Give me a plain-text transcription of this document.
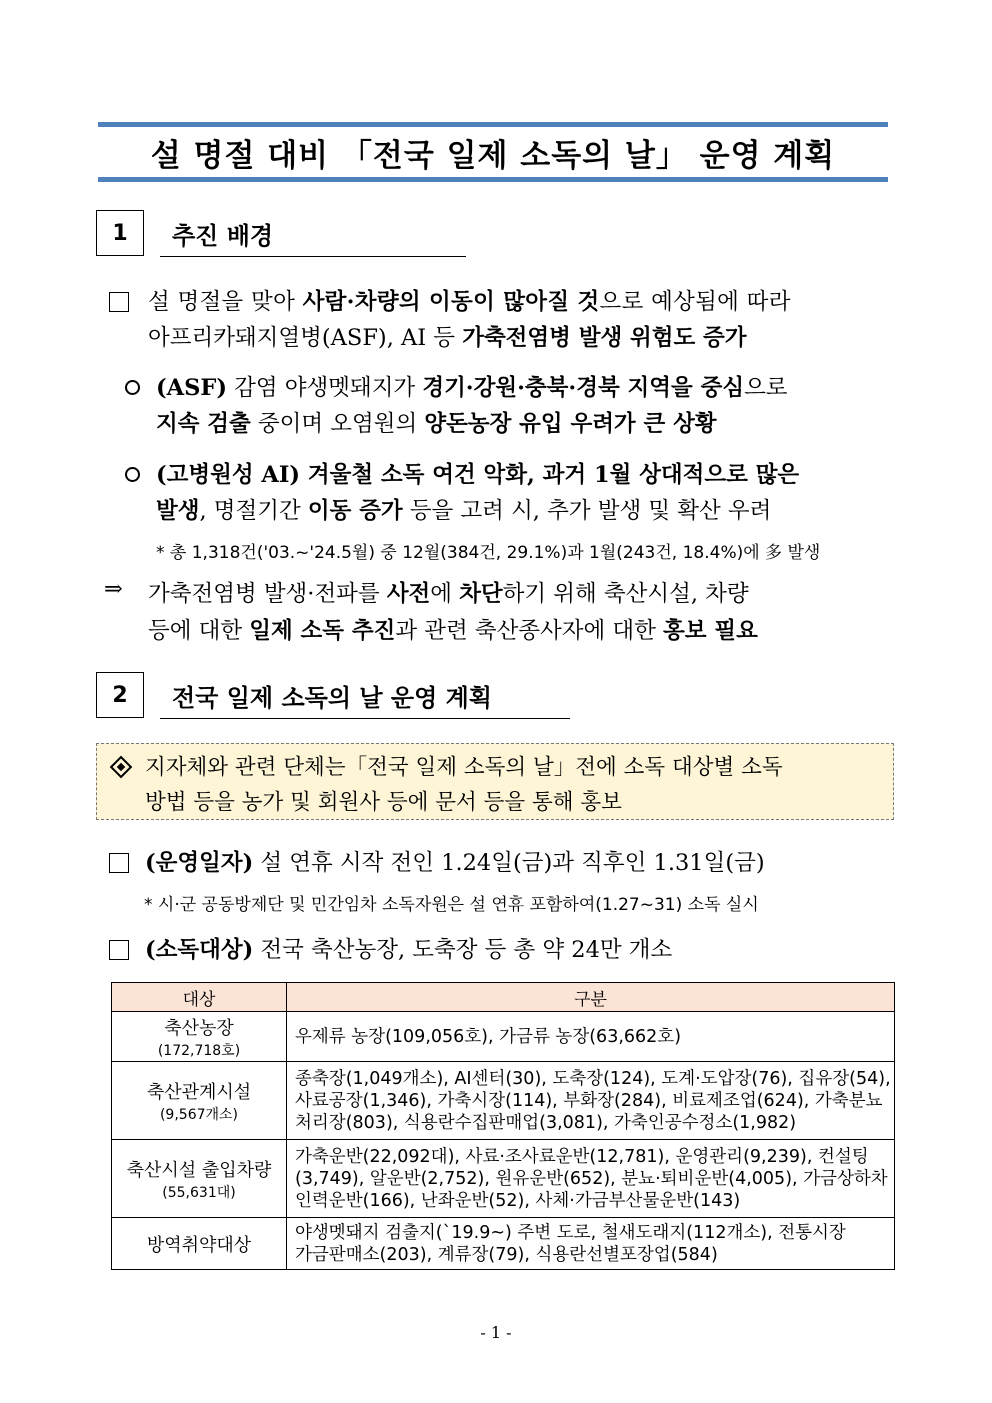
설 명절 대비 「전국 일제 소독의 날」 운영 계획
1	추진 배경
설 명절을 맞아 사람·차량의 이동이 많아질 것으로 예상됨에 따라
아프리카돼지열병(ASF), AI 등 가축전염병 발생 위험도 증가
(ASF) 감염 야생멧돼지가 경기·강원·충북·경북 지역을 중심으로
지속 검출 중이며 오염원의 양돈농장 유입 우려가 큰 상황
(고병원성 AI) 겨울철 소독 여건 악화, 과거 1월 상대적으로 많은
발생, 명절기간 이동 증가 등을 고려 시, 추가 발생 및 확산 우려
* 총 1,318건('03.~'24.5월) 중 12월(384건, 29.1%)과 1월(243건, 18.4%)에 多 발생
⇒ 가축전염병 발생·전파를 사전에 차단하기 위해 축산시설, 차량
등에 대한 일제 소독 추진과 관련 축산종사자에 대한 홍보 필요
2	전국 일제 소독의 날 운영 계획
지자체와 관련 단체는「전국 일제 소독의 날」전에 소독 대상별 소독
방법 등을 농가 및 회원사 등에 문서 등을 통해 홍보
(운영일자) 설 연휴 시작 전인 1.24일(금)과 직후인 1.31일(금)
* 시·군 공동방제단 및 민간임차 소독자원은 설 연휴 포함하여(1.27~31) 소독 실시
(소독대상) 전국 축산농장, 도축장 등 총 약 24만 개소
대상	구분

축산농장
(172,718호)	우제류 농장(109,056호), 가금류 농장(63,662호)

축산관계시설
(9,567개소)	종축장(1,049개소), AI센터(30), 도축장(124), 도계·도압장(76), 집유장(54),
사료공장(1,346), 가축시장(114), 부화장(284), 비료제조업(624), 가축분뇨
처리장(803), 식용란수집판매업(3,081), 가축인공수정소(1,982)

축산시설 출입차량
(55,631대)	가축운반(22,092대), 사료·조사료운반(12,781), 운영관리(9,239), 컨설팅
(3,749), 알운반(2,752), 원유운반(652), 분뇨·퇴비운반(4,005), 가금상하차
인력운반(166), 난좌운반(52), 사체·가금부산물운반(143)

방역취약대상	야생멧돼지 검출지(`19.9~) 주변 도로, 철새도래지(112개소), 전통시장
가금판매소(203), 계류장(79), 식용란선별포장업(584)
- 1 -
